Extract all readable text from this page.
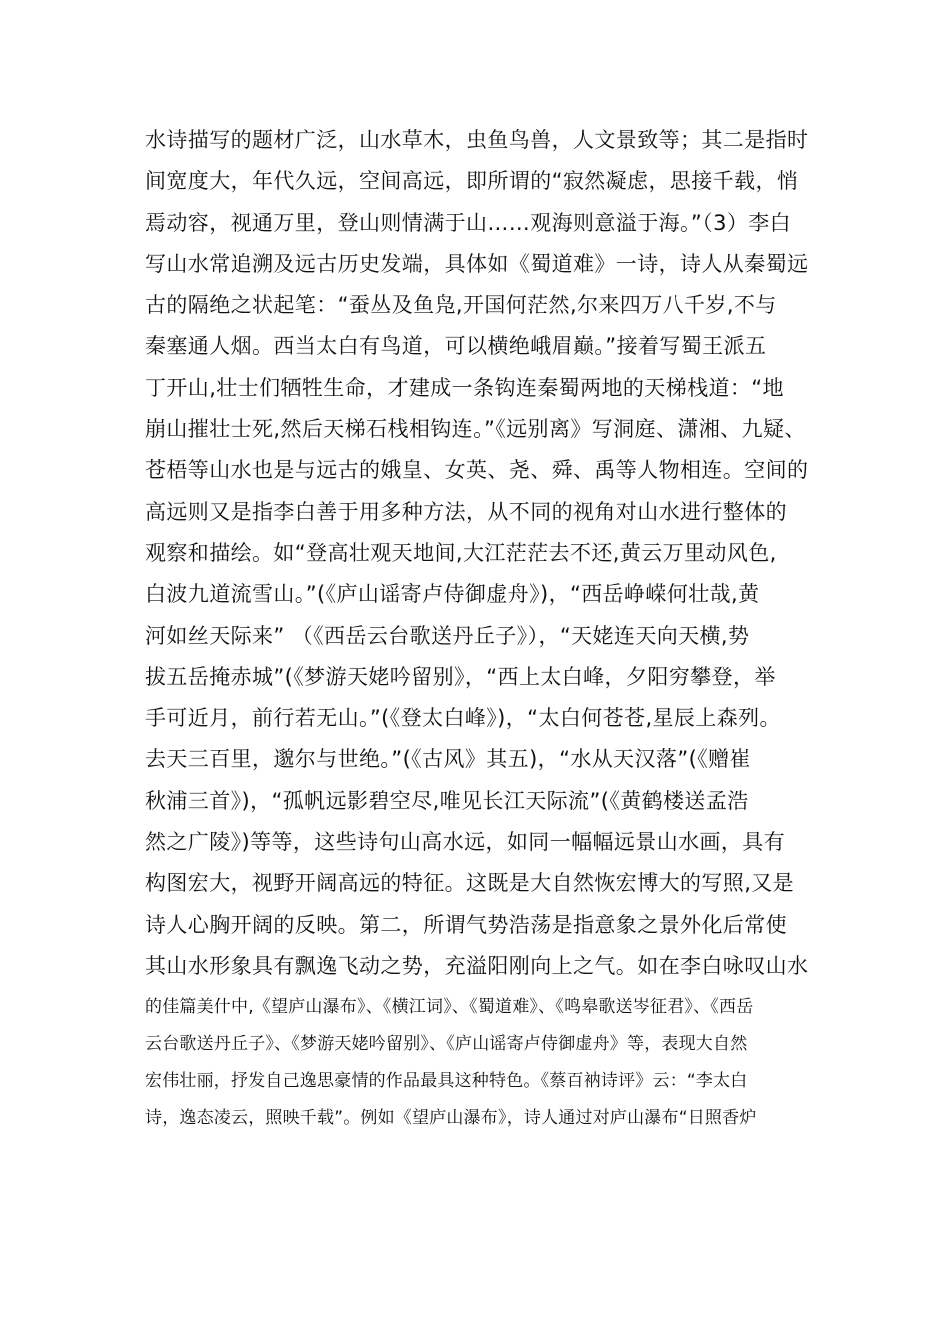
水诗描写的题材广泛，山水草木，虫鱼鸟兽，人文景致等；其二是指时
间宽度大，年代久远，空间高远，即所谓的“寂然凝虑，思接千载，悄
焉动容，视通万里，登山则情满于山……观海则意溢于海。”（3）李白
写山水常追溯及远古历史发端，具体如《蜀道难》一诗，诗人从秦蜀远
古的隔绝之状起笔：“蚕丛及鱼凫,开国何茫然,尔来四万八千岁,不与
秦塞通人烟。西当太白有鸟道，可以横绝峨眉巅。”接着写蜀王派五
丁开山,壮士们牺牲生命，才建成一条钩连秦蜀两地的天梯栈道：“地
崩山摧壮士死,然后天梯石栈相钩连。”《远别离》写洞庭、潇湘、九疑、
苍梧等山水也是与远古的娥皇、女英、尧、舜、禹等人物相连。空间的
高远则又是指李白善于用多种方法，从不同的视角对山水进行整体的
观察和描绘。如“登高壮观天地间,大江茫茫去不还,黄云万里动风色,
白波九道流雪山。”(《庐山谣寄卢侍御虚舟》)，“西岳峥嵘何壮哉,黄
河如丝天际来” （《西岳云台歌送丹丘子》），“天姥连天向天横,势
拔五岳掩赤城”(《梦游天姥吟留别》，“西上太白峰，夕阳穷攀登，举
手可近月，前行若无山。”(《登太白峰》)，“太白何苍苍,星辰上森列。
去天三百里，邈尔与世绝。”(《古风》其五)，“水从天汉落”(《赠崔
秋浦三首》)，“孤帆远影碧空尽,唯见长江天际流”(《黄鹤楼送孟浩
然之广陵》)等等，这些诗句山高水远，如同一幅幅远景山水画，具有
构图宏大，视野开阔高远的特征。这既是大自然恢宏博大的写照,又是
诗人心胸开阔的反映。第二，所谓气势浩荡是指意象之景外化后常使
其山水形象具有飘逸飞动之势，充溢阳刚向上之气。如在李白咏叹山水
的佳篇美什中,《望庐山瀑布》、《横江词》、《蜀道难》、《鸣皋歌送岑征君》、《西岳
云台歌送丹丘子》、《梦游天姥吟留别》、《庐山谣寄卢侍御虚舟》等，表现大自然
宏伟壮丽，抒发自己逸思豪情的作品最具这种特色。《蔡百衲诗评》云：“李太白
诗，逸态凌云，照映千载”。例如《望庐山瀑布》，诗人通过对庐山瀑布“日照香炉
